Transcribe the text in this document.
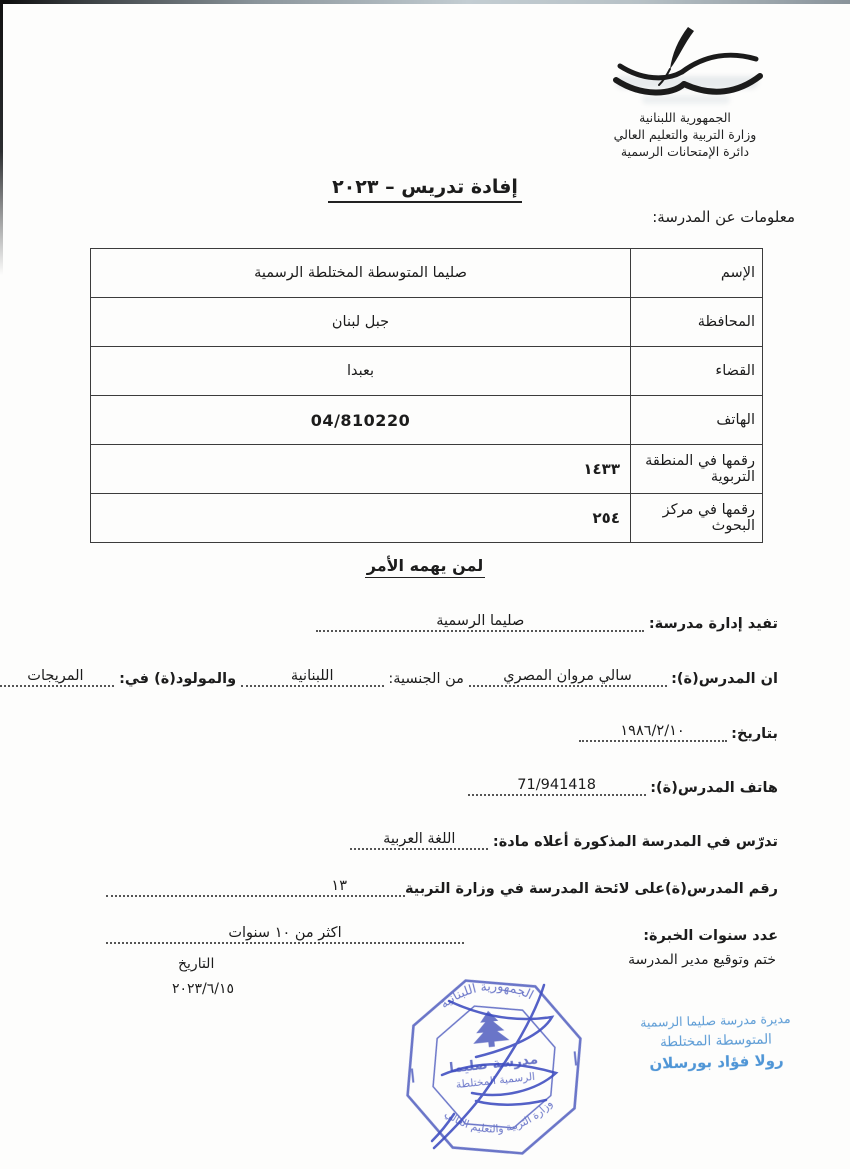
الجمهورية اللبنانية
وزارة التربية والتعليم العالي
دائرة الإمتحانات الرسمية
إفادة تدريس – ٢٠٢٣
معلومات عن المدرسة:
الإسم	صليما المتوسطة المختلطة الرسمية
المحافظة	جبل لبنان
القضاء	بعبدا
الهاتف	04/810220
رقمها في المنطقة التربوية	١٤٣٣
رقمها في مركز البحوث	٢٥٤
لمن يهمه الأمر
تفيد إدارة مدرسة: صليما الرسمية
ان المدرس(ة): سالي مروان المصري من الجنسية: اللبنانية والمولود(ة) في: المريجات
بتاريخ: ١٩٨٦/٢/١٠
هاتف المدرس(ة): 71/941418
تدرّس في المدرسة المذكورة أعلاه مادة: اللغة العربية
رقم المدرس(ة)على لائحة المدرسة في وزارة التربية
١٣
عدد سنوات الخبرة:
اكثر من ١٠ سنوات
ختم وتوقيع مدير المدرسة
التاريخ
٢٠٢٣/٦/١٥
الجمهورية اللبنانية
وزارة التربية والتعليم العالي
مدرسة صليما
الرسمية المختلطة
مديرة مدرسة صليما الرسمية
المتوسطة المختلطة
رولا فؤاد بورسلان
